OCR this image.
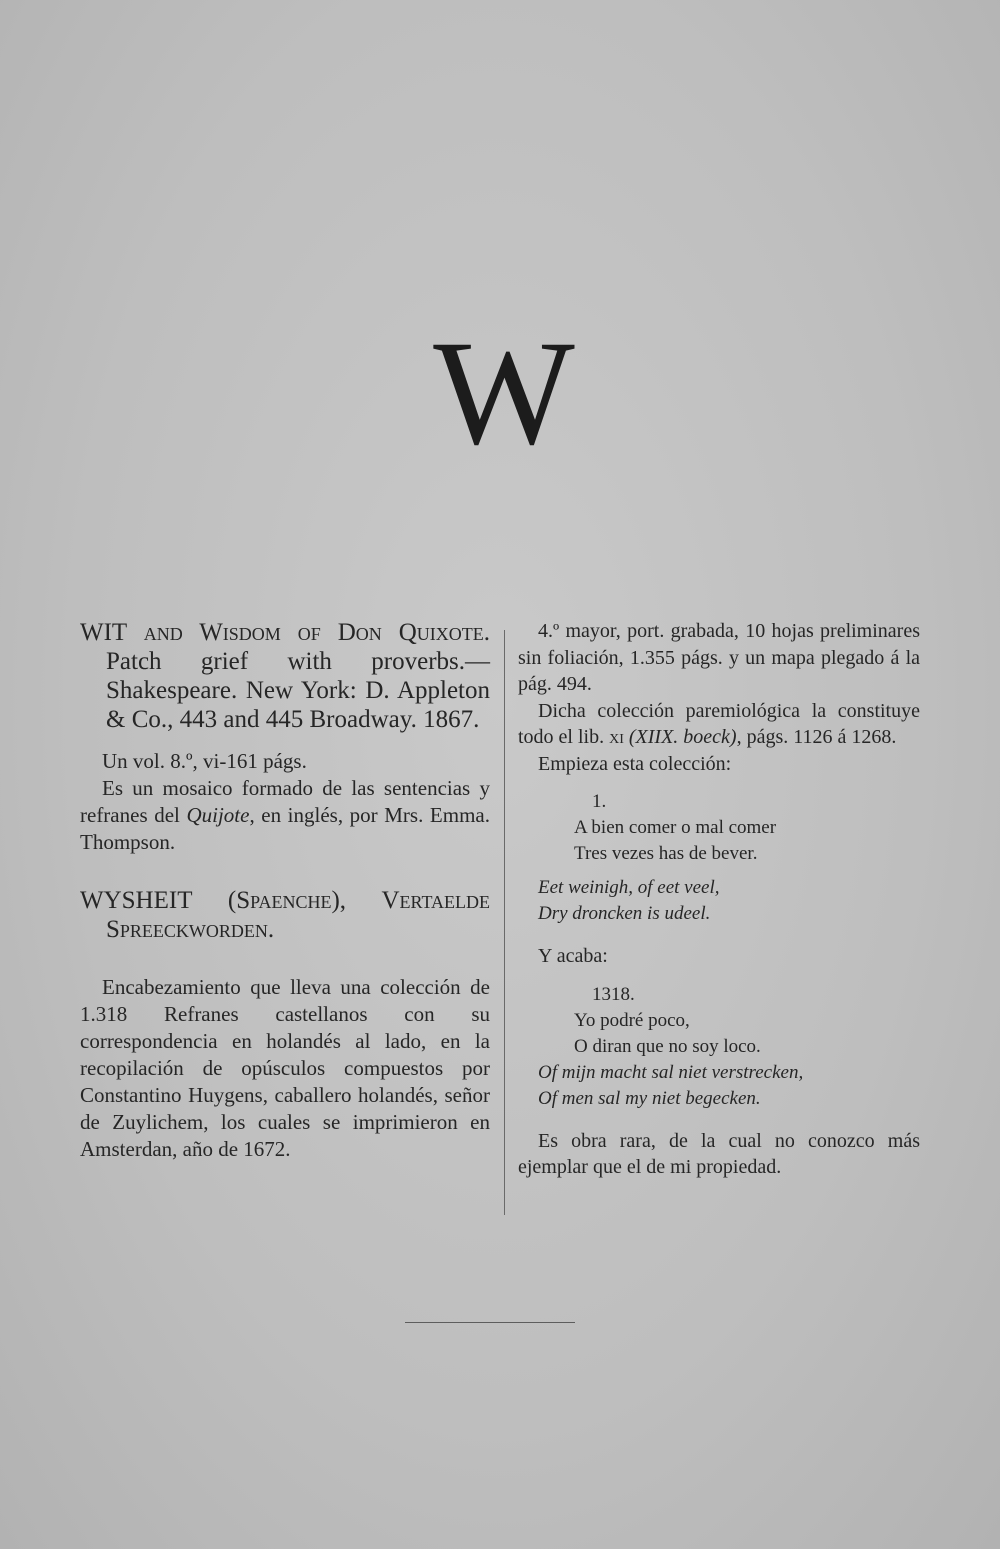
W

WIT and Wisdom of Don Quixote. Patch grief with proverbs.—Shakespeare. New York: D. Appleton & Co., 443 and 445 Broadway. 1867.

Un vol. 8.º, vi-161 págs.

Es un mosaico formado de las sentencias y refranes del Quijote, en inglés, por Mrs. Emma. Thompson.

WYSHEIT (Spaenche), Vertaelde Spreeckworden.

Encabezamiento que lleva una colección de 1.318 Refranes castellanos con su correspondencia en holandés al lado, en la recopilación de opúsculos compuestos por Constantino Huygens, caballero holandés, señor de Zuylichem, los cuales se imprimieron en Amsterdan, año de 1672.

4.º mayor, port. grabada, 10 hojas preliminares sin foliación, 1.355 págs. y un mapa plegado á la pág. 494.

Dicha colección paremiológica la constituye todo el lib. xi (XIIX. boeck), págs. 1126 á 1268.

Empieza esta colección:

1.

A bien comer o mal comer

Tres vezes has de bever.

Eet weinigh, of eet veel,

Dry droncken is udeel.

Y acaba:

1318.

Yo podré poco,

O diran que no soy loco.

Of mijn macht sal niet verstrecken,

Of men sal my niet begecken.

Es obra rara, de la cual no conozco más ejemplar que el de mi propiedad.
